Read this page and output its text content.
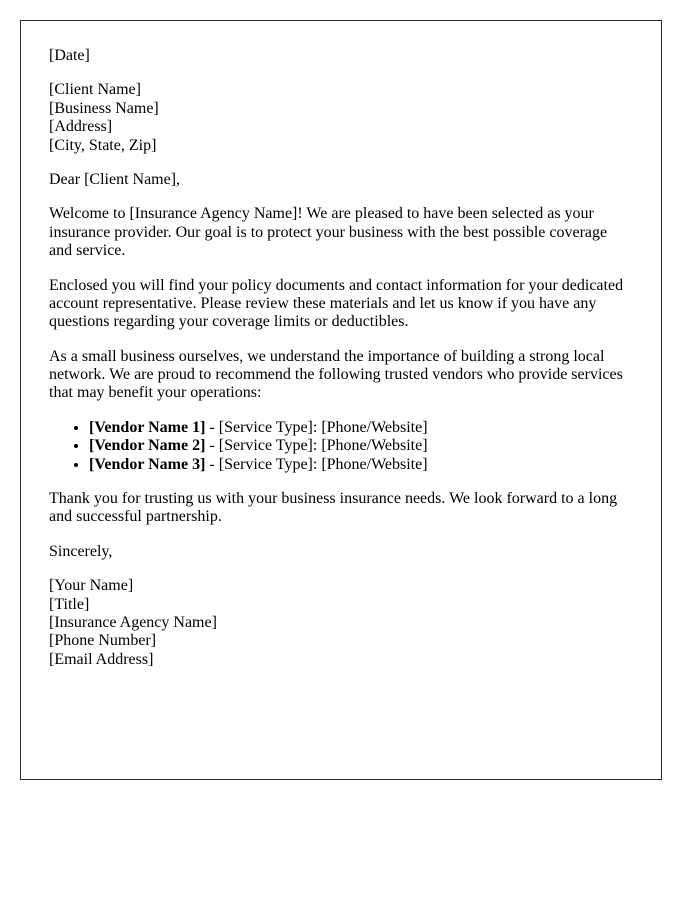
[Date]

[Client Name]
[Business Name]
[Address]
[City, State, Zip]

Dear [Client Name],

Welcome to [Insurance Agency Name]! We are pleased to have been selected as your insurance provider. Our goal is to protect your business with the best possible coverage and service.

Enclosed you will find your policy documents and contact information for your dedicated account representative. Please review these materials and let us know if you have any questions regarding your coverage limits or deductibles.

As a small business ourselves, we understand the importance of building a strong local network. We are proud to recommend the following trusted vendors who provide services that may benefit your operations:

• [Vendor Name 1] - [Service Type]: [Phone/Website]
• [Vendor Name 2] - [Service Type]: [Phone/Website]
• [Vendor Name 3] - [Service Type]: [Phone/Website]

Thank you for trusting us with your business insurance needs. We look forward to a long and successful partnership.

Sincerely,

[Your Name]
[Title]
[Insurance Agency Name]
[Phone Number]
[Email Address]
